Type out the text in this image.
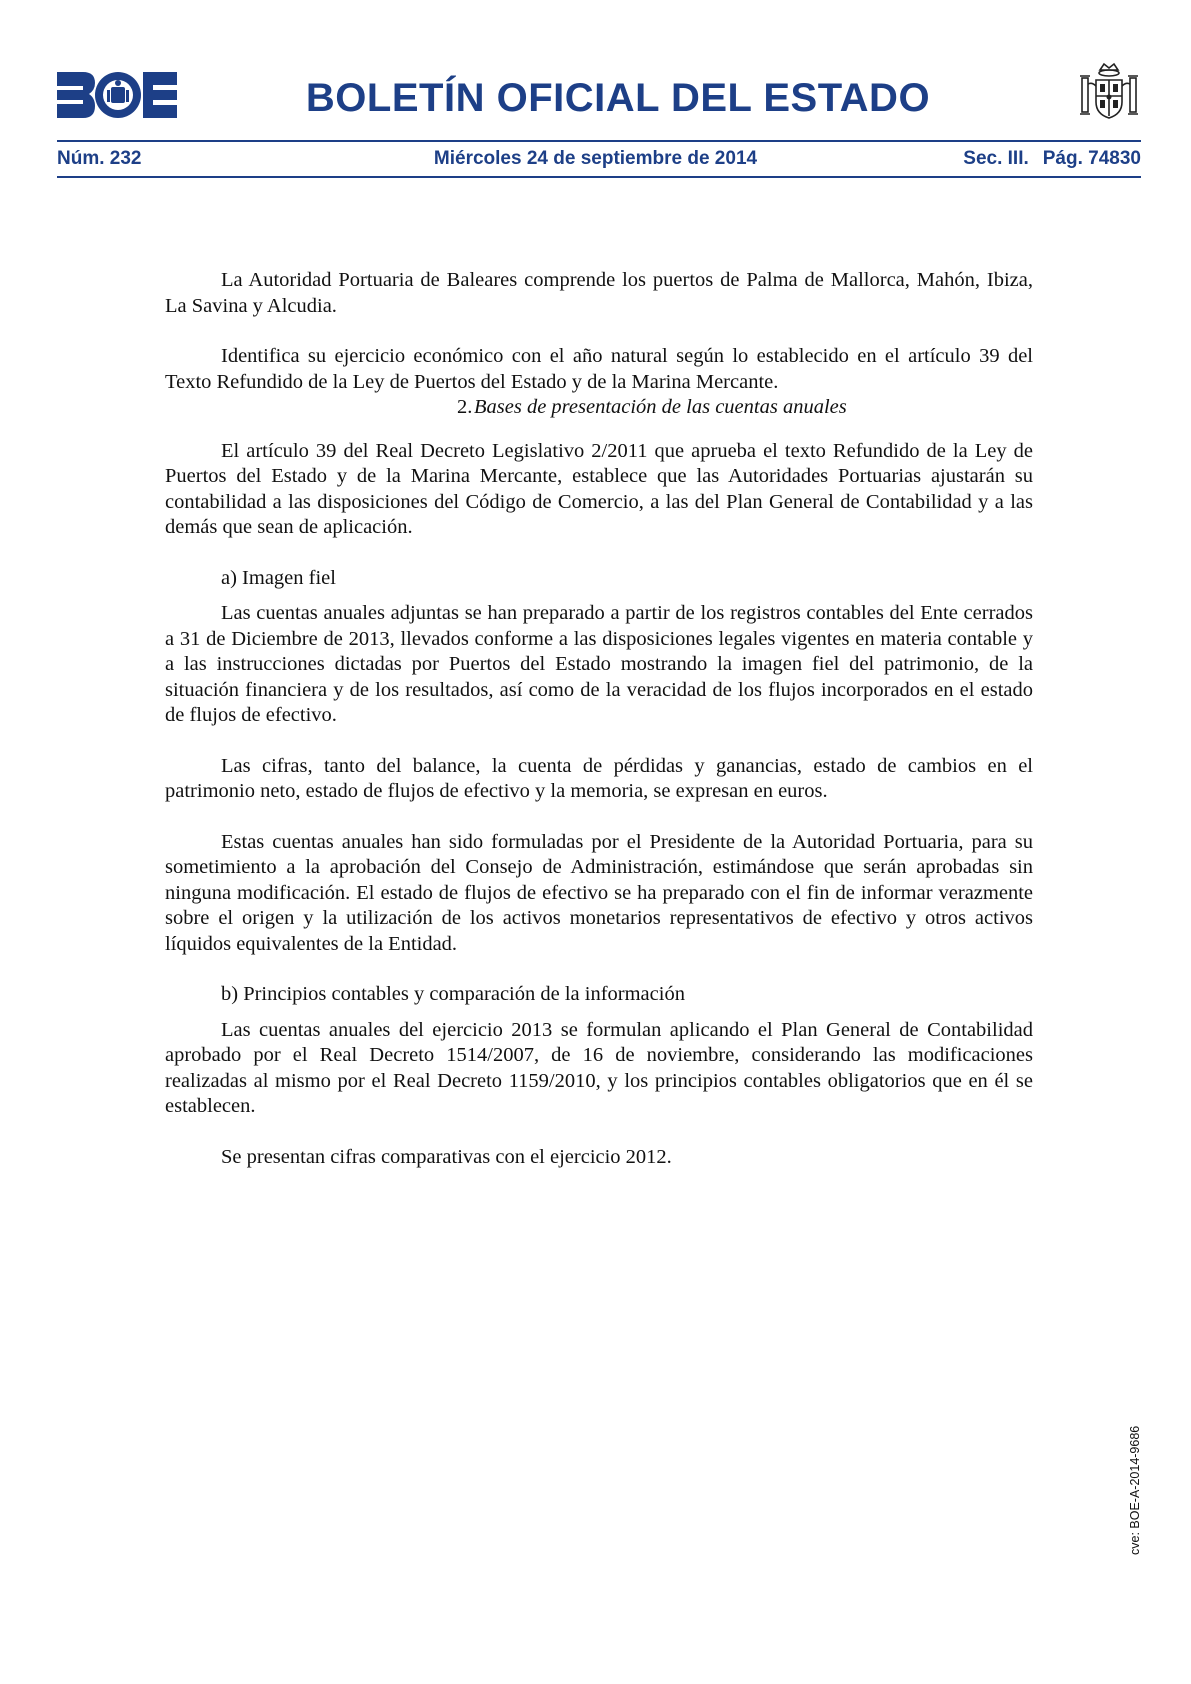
BOLETÍN OFICIAL DEL ESTADO
Núm. 232	Miércoles 24 de septiembre de 2014	Sec. III. Pág. 74830

La Autoridad Portuaria de Baleares comprende los puertos de Palma de Mallorca, Mahón, Ibiza, La Savina y Alcudia.

Identifica su ejercicio económico con el año natural según lo establecido en el artículo 39 del Texto Refundido de la Ley de Puertos del Estado y de la Marina Mercante.

2.Bases de presentación de las cuentas anuales

El artículo 39 del Real Decreto Legislativo 2/2011 que aprueba el texto Refundido de la Ley de Puertos del Estado y de la Marina Mercante, establece que las Autoridades Portuarias ajustarán su contabilidad a las disposiciones del Código de Comercio, a las del Plan General de Contabilidad y a las demás que sean de aplicación.

a) Imagen fiel

Las cuentas anuales adjuntas se han preparado a partir de los registros contables del Ente cerrados a 31 de Diciembre de 2013, llevados conforme a las disposiciones legales vigentes en materia contable y a las instrucciones dictadas por Puertos del Estado mostrando la imagen fiel del patrimonio, de la situación financiera y de los resultados, así como de la veracidad de los flujos incorporados en el estado de flujos de efectivo.

Las cifras, tanto del balance, la cuenta de pérdidas y ganancias, estado de cambios en el patrimonio neto, estado de flujos de efectivo y la memoria, se expresan en euros.

Estas cuentas anuales han sido formuladas por el Presidente de la Autoridad Portuaria, para su sometimiento a la aprobación del Consejo de Administración, estimándose que serán aprobadas sin ninguna modificación. El estado de flujos de efectivo se ha preparado con el fin de informar verazmente sobre el origen y la utilización de los activos monetarios representativos de efectivo y otros activos líquidos equivalentes de la Entidad.

b) Principios contables y comparación de la información

Las cuentas anuales del ejercicio 2013 se formulan aplicando el Plan General de Contabilidad aprobado por el Real Decreto 1514/2007, de 16 de noviembre, considerando las modificaciones realizadas al mismo por el Real Decreto 1159/2010, y los principios contables obligatorios que en él se establecen.

Se presentan cifras comparativas con el ejercicio 2012.

cve: BOE-A-2014-9686
